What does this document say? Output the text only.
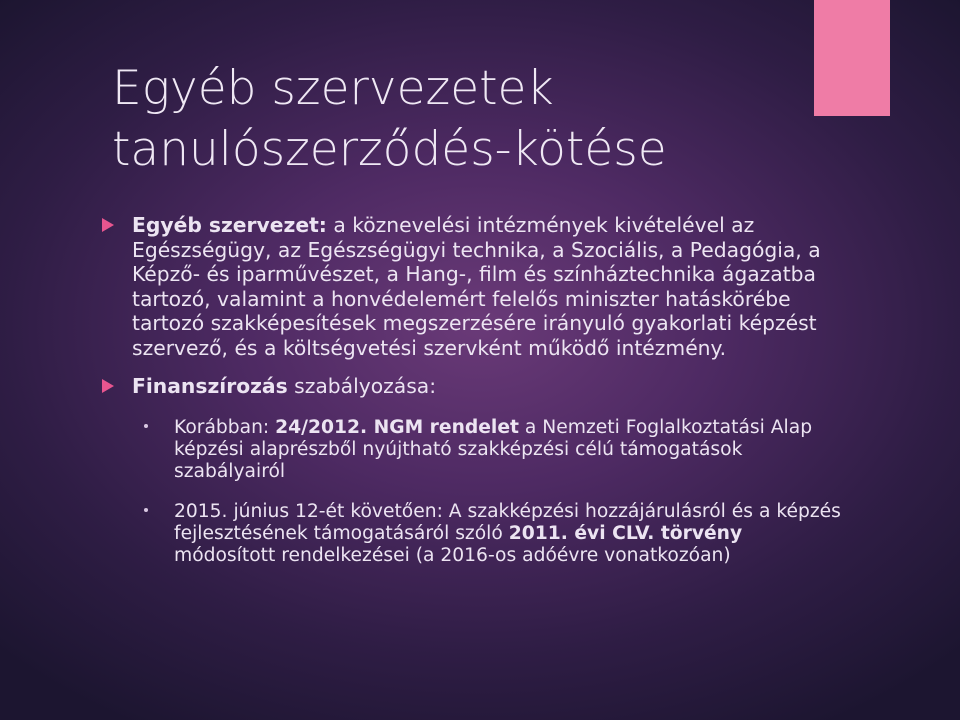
Egyéb szervezetek
tanulószerződés-kötése
Egyéb szervezet: a köznevelési intézmények kivételével az Egészségügy, az Egészségügyi technika, a Szociális, a Pedagógia, a Képző- és iparművészet, a Hang-, film és színháztechnika ágazatba tartozó, valamint a honvédelemért felelős miniszter hatáskörébe tartozó szakképesítések megszerzésére irányuló gyakorlati képzést szervező, és a költségvetési szervként működő intézmény.
Finanszírozás szabályozása:
Korábban: 24/2012. NGM rendelet a Nemzeti Foglalkoztatási Alap képzési alaprészből nyújtható szakképzési célú támogatások szabályairól
2015. június 12-ét követően: A szakképzési hozzájárulásról és a képzés fejlesztésének támogatásáról szóló 2011. évi CLV. törvény módosított rendelkezései (a 2016-os adóévre vonatkozóan)
